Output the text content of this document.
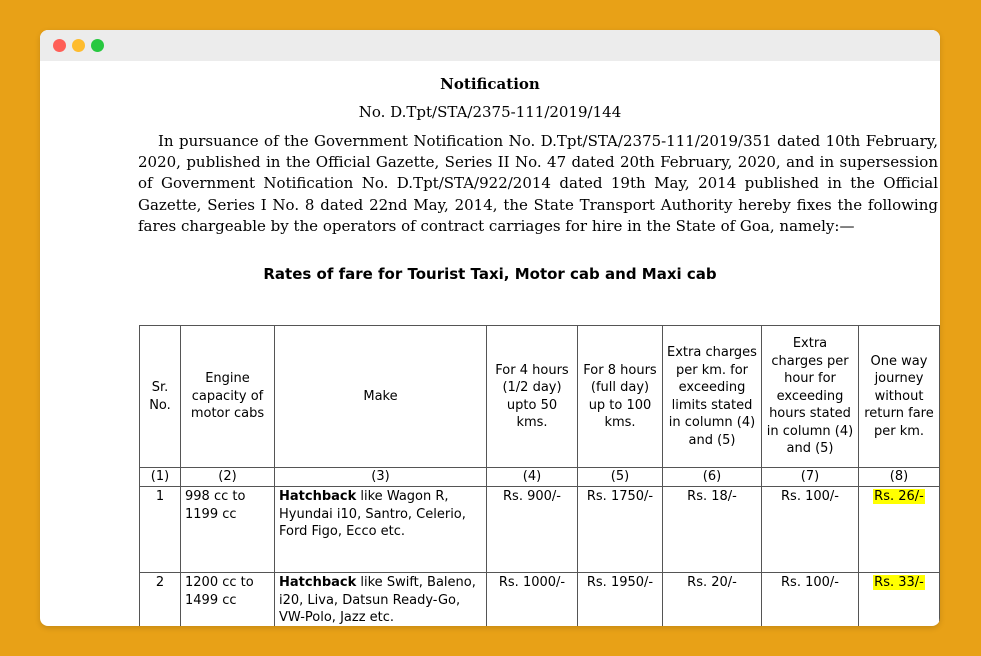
Notification
No. D.Tpt/STA/2375-111/2019/144

In pursuance of the Government Notification No. D.Tpt/STA/2375-111/2019/351 dated 10th February, 2020, published in the Official Gazette, Series II No. 47 dated 20th February, 2020, and in supersession of Government Notification No. D.Tpt/STA/922/2014 dated 19th May, 2014 published in the Official Gazette, Series I No. 8 dated 22nd May, 2014, the State Transport Authority hereby fixes the following fares chargeable by the operators of contract carriages for hire in the State of Goa, namely:—

Rates of fare for Tourist Taxi, Motor cab and Maxi cab
Sr. No.	Engine capacity of motor cabs	Make	For 4 hours (1/2 day) upto 50 kms.	For 8 hours (full day) up to 100 kms.	Extra charges per km. for exceeding limits stated in column (4) and (5)	Extra charges per hour for exceeding hours stated in column (4) and (5)	One way journey without return fare per km.
(1)	(2)	(3)	(4)	(5)	(6)	(7)	(8)
1	998 cc to 1199 cc	Hatchback like Wagon R, Hyundai i10, Santro, Celerio, Ford Figo, Ecco etc.	Rs. 900/-	Rs. 1750/-	Rs. 18/-	Rs. 100/-	Rs. 26/-
2	1200 cc to 1499 cc	Hatchback like Swift, Baleno, i20, Liva, Datsun Ready-Go, VW-Polo, Jazz etc.	Rs. 1000/-	Rs. 1950/-	Rs. 20/-	Rs. 100/-	Rs. 33/-
